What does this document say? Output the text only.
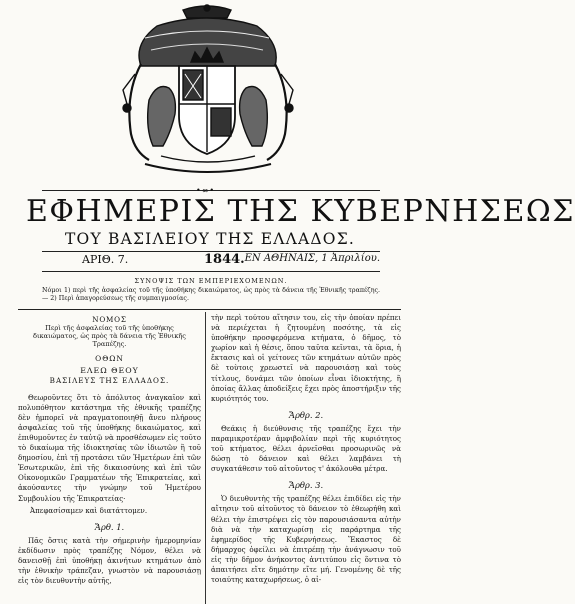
•∞•
ΕΦΗΜΕΡΙΣ ΤΗΣ ΚΥΒΕΡΝΗΣΕΩΣ
ΤΟΥ ΒΑΣΙΛΕΙΟΥ ΤΗΣ ΕΛΛΑΔΟΣ.
ΑΡΙΘ. 7.	1844. ΕΝ ΑΘΗΝΑΙΣ, 1 Ἀπριλίου.
ΣΥΝΟΨΙΣ ΤΩΝ ΕΜΠΕΡΙΕΧΟΜΕΝΩΝ.
Νόμοι 1) περὶ τῆς ἀσφαλείας τοῦ τῆς ὑποθήκης δικαιώματος, ὡς πρὸς τὰ δάνεια τῆς Ἐθνικῆς τραπέζης. — 2) Περὶ ἀπαγορεύσεως τῆς συμπαιγμοσίας.
ΝΟΜΟΣ
Περὶ τῆς ἀσφαλείας τοῦ τῆς ὑποθήκης δικαιώματος, ὡς πρὸς τὰ δάνεια τῆς Ἐθνικῆς Τραπέζης.
ΟΘΩΝ
ΕΛΕΩ ΘΕΟΥ
ΒΑΣΙΛΕΥΣ ΤΗΣ ΕΛΛΑΔΟΣ.

Θεωροῦντες ὅτι τὸ ἀπόλυτος ἀναγκαῖον καὶ πολυπόθητον κατάστημα τῆς ἐθνικῆς τραπέζης δὲν ἠμπορεῖ νὰ πραγματοποιηθῇ ἄνευ πλήρους ἀσφαλείας τοῦ τῆς ὑποθήκης δικαιώματος, καὶ ἐπιθυμοῦντες ἐν ταὐτῷ νὰ προσθέσωμεν εἰς τοῦτο τὸ δικαίωμα τῆς ἰδιοκτησίας τῶν ἰδιωτῶν ἢ τοῦ δημοσίου, ἐπὶ τῇ προτάσει τῶν Ἡμετέρων ἐπὶ τῶν Ἐσωτερικῶν, ἐπὶ τῆς δικαιοσύνης καὶ ἐπὶ τῶν Οἰκονομικῶν Γραμματέων τῆς Ἐπικρατείας, καὶ ἀκούσαντες τὴν γνώμην τοῦ Ἡμετέρου Συμβουλίου τῆς Ἐπικρατείας·

Ἀπεφασίσαμεν καὶ διατάττομεν.
Ἄρθ. 1.

Πᾶς ὅστις κατὰ τὴν σήμερινὴν ἡμερομηνίαν ἐκδίδωσιν πρὸς τραπέζης Νόμον, θέλει νὰ δανεισθῇ ἐπὶ ὑποθήκῃ ἀκινήτων κτημάτων ἀπὸ τὴν ἐθνικὴν τράπεζαν, γνωστὸν νὰ παρουσιάσῃ εἰς τὸν διευθυντὴν αὐτῆς,

τὴν περὶ τούτου αἴτησιν του, εἰς τὴν ὁποίαν πρέπει νὰ περιέχεται ἡ ζητουμένη ποσότης, τὰ εἰς ὑποθήκην προσφερόμενα κτήματα, ὁ δῆμος, τὸ χωρίον καὶ ἡ θέσις, ὅπου ταῦτα κεῖνται, τὰ ὅρια, ἡ ἔκτασις καὶ οἱ γείτονες τῶν κτημάτων αὐτῶν πρὸς δὲ τοὺτοις χρεωστεῖ νὰ παρουσιάσῃ καὶ τοὺς τίτλους, δυνάμει τῶν ὁποίων εἶναι ἰδιοκτήτης, ἢ ὁποίας ἄλλας ἀποδείξεις ἔχει πρὸς ἀποστήριξιν τῆς κυριότητός του.

Ἄρθρ. 2.

Θεάκις ἡ διεύθυνσις τῆς τραπέζης ἔχει τὴν παραμικροτέραν ἀμφιβολίαν περὶ τῆς κυριότητος τοῦ κτήματος, θέλει ἀρνεῖσθαι προσωρινῶς νὰ δώσῃ τὸ δάνειον καὶ θέλει λαμβάνει τὴ συγκατάθεσιν τοῦ αἰτοῦντος τ' ἀκόλουθα μέτρα.

Ἄρθρ. 3.

Ὁ διευθυντὴς τῆς τραπέζης θέλει ἐπιδίδει εἰς τὴν αἴτησιν τοῦ αἰτοῦντος τὸ δάνειον τὸ ἐθεωρήθη καὶ θέλει τὴν ἐπιστρέψει εἰς τὸν παρουσιάσαντα αὐτὴν διὰ νὰ τὴν καταχωρίσῃ εἰς παράρτημα τῆς ἐφημερίδος τῆς Κυβερνήσεως. Ἕκαστος δὲ δήμαρχος ὀφείλει νὰ ἐπιτρέπῃ τὴν ἀνάγνωσιν τοῦ εἰς τὴν δῆμον ἀνήκοντος ἀντιτύπου εἰς ὅντινα τὸ ἀπαιτήσει εἴτε δημότην εἴτε μή. Γενομένης δὲ τῆς τοιαύτης καταχωρήσεως, ὁ αἰ-
